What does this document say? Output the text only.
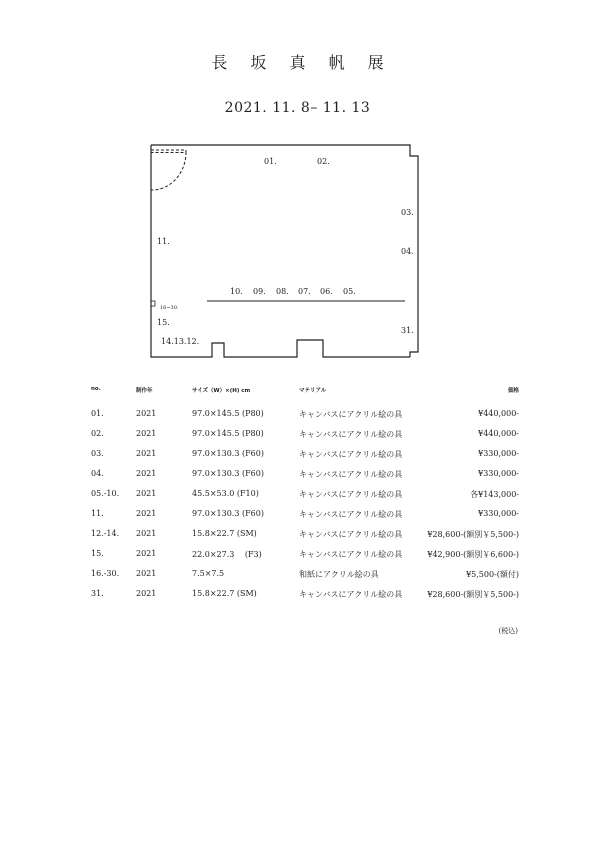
長 坂 真 帆 展
2021. 11. 8– 11. 13
01.	02.
03.
04.
11.
10. 09. 08. 07. 06. 05.
16~30.
15.
14.13.12.
31.
no.	制作年	サイズ（W）×(H) cm	マテリアル	価格
01.	2021	97.0×145.5 (P80)	キャンバスにアクリル絵の具	¥440,000-
02.	2021	97.0×145.5 (P80)	キャンバスにアクリル絵の具	¥440,000-
03.	2021	97.0×130.3 (F60)	キャンバスにアクリル絵の具	¥330,000-
04.	2021	97.0×130.3 (F60)	キャンバスにアクリル絵の具	¥330,000-
05.-10. 2021	45.5×53.0 (F10)	キャンバスにアクリル絵の具	各¥143,000-
11.	2021	97.0×130.3 (F60)	キャンバスにアクリル絵の具	¥330,000-
12.-14. 2021	15.8×22.7 (SM)	キャンバスにアクリル絵の具	¥28,600-(額別￥5,500-)
15.	2021	22.0×27.3 　(F3)	キャンバスにアクリル絵の具	¥42,900-(額別￥6,600-)
16.-30. 2021	7.5×7.5	和紙にアクリル絵の具	¥5,500-(額付)
31.	2021	15.8×22.7 (SM)	キャンバスにアクリル絵の具	¥28,600-(額別￥5,500-)
(税込)
